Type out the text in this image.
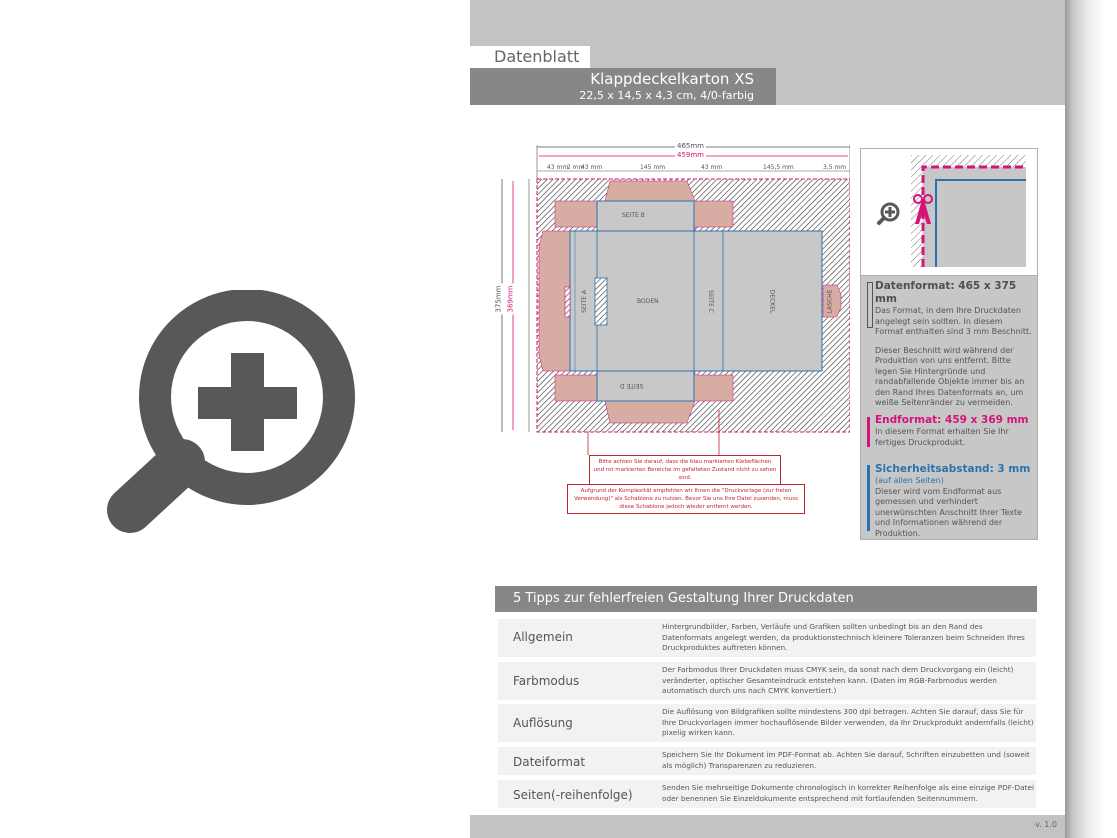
Datenblatt
Klappdeckelkarton XS
22,5 x 14,5 x 4,3 cm, 4/0-farbig
465mm
459mm
43 mm
2 mm
43 mm	145 mm	43 mm	145,5 mm	3,5 mm
375mm 369mm
SEITE B
SEITE D
SEITE A	BODEN	SEITE C	DECKEL	LASCHE
Bitte achten Sie darauf, dass die blau markierten Klebeflächen und rot markierten Bereiche im gefalteten Zustand nicht zu sehen sind.
Aufgrund der Komplexität empfehlen wir Ihnen die "Druckvorlage (zur freien Verwendung)" als Schablone zu nutzen. Bevor Sie uns Ihre Datei zusenden, muss diese Schablone jedoch wieder entfernt werden.
Datenformat: 465 x 375 mm
Das Format, in dem Ihre Druckdaten angelegt sein sollten. In diesem Format enthalten sind 3 mm Beschnitt.
Dieser Beschnitt wird während der Produktion von uns entfernt. Bitte legen Sie Hintergründe und randabfallende Objekte immer bis an den Rand Ihres Datenformats an, um weiße Seitenränder zu vermeiden.
Endformat: 459 x 369 mm
In diesem Format erhalten Sie Ihr fertiges Druckprodukt.
Sicherheitsabstand: 3 mm
(auf allen Seiten)
Dieser wird vom Endformat aus gemessen und verhindert unerwünschten Anschnitt Ihrer Texte und Informationen während der Produktion.
5 Tipps zur fehlerfreien Gestaltung Ihrer Druckdaten
Allgemein
Hintergrundbilder, Farben, Verläufe und Grafiken sollten unbedingt bis an den Rand des Datenformats angelegt werden, da produktionstechnisch kleinere Toleranzen beim Schneiden Ihres Druckproduktes auftreten können.
Farbmodus
Der Farbmodus Ihrer Druckdaten muss CMYK sein, da sonst nach dem Druckvorgang ein (leicht) veränderter, optischer Gesamteindruck entstehen kann. (Daten im RGB-Farbmodus werden automatisch durch uns nach CMYK konvertiert.)
Auflösung
Die Auflösung von Bildgrafiken sollte mindestens 300 dpi betragen. Achten Sie darauf, dass Sie für Ihre Druckvorlagen immer hochauflösende Bilder verwenden, da Ihr Druckprodukt andernfalls (leicht) pixelig wirken kann.
Dateiformat
Speichern Sie Ihr Dokument im PDF-Format ab. Achten Sie darauf, Schriften einzubetten und (soweit als möglich) Transparenzen zu reduzieren.
Seiten(-reihenfolge)
Senden Sie mehrseitige Dokumente chronologisch in korrekter Reihenfolge als eine einzige PDF-Datei oder benennen Sie Einzeldokumente entsprechend mit fortlaufenden Seitennummern.
v. 1.0
